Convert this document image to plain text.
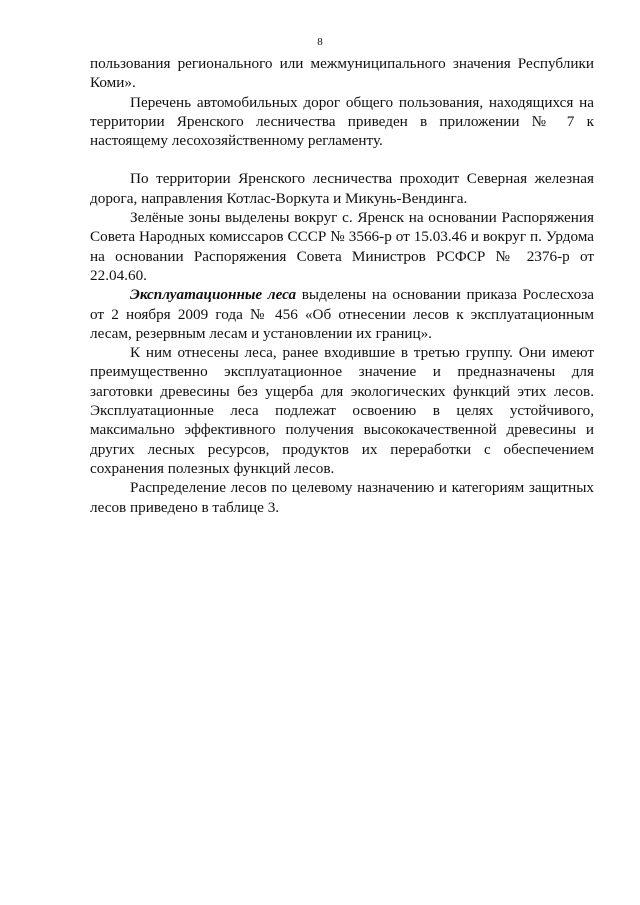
8

пользования регионального или межмуниципального значения Республики Коми».

Перечень автомобильных дорог общего пользования, находящихся на территории Яренского лесничества приведен в приложении № 7 к настоящему лесохозяйственному регламенту.

По территории Яренского лесничества проходит Северная железная дорога, направления Котлас-Воркута и Микунь-Вендинга.

Зелёные зоны выделены вокруг с. Яренск на основании Распоряжения Совета Народных комиссаров СССР № 3566-р от 15.03.46 и вокруг п. Урдома на основании Распоряжения Совета Министров РСФСР № 2376-р от 22.04.60.

Эксплуатационные леса выделены на основании приказа Рослесхоза от 2 ноября 2009 года № 456 «Об отнесении лесов к эксплуатационным лесам, резервным лесам и установлении их границ».

К ним отнесены леса, ранее входившие в третью группу. Они имеют преимущественно эксплуатационное значение и предназначены для заготовки древесины без ущерба для экологических функций этих лесов. Эксплуатационные леса подлежат освоению в целях устойчивого, максимально эффективного получения высококачественной древесины и других лесных ресурсов, продуктов их переработки с обеспечением сохранения полезных функций лесов.

Распределение лесов по целевому назначению и категориям защитных лесов приведено в таблице 3.
